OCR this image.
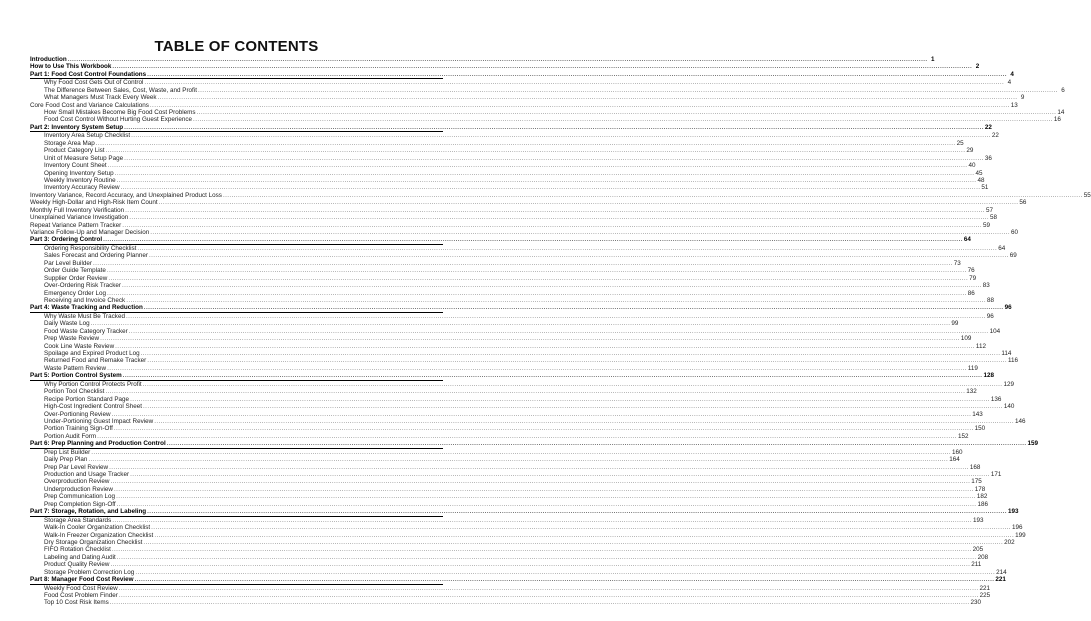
TABLE OF CONTENTS
Introduction ................................................................................................................................................................................................................................................................................................................................................................................................................ 1
How to Use This Workbook ................................................................................................................................................................................................................................................................................................................................................................................................................ 2
Part 1: Food Cost Control Foundations ................................................................................................................................................................................................................................................................................................................................................................................................................ 4
Why Food Cost Gets Out of Control ................................................................................................................................................................................................................................................................................................................................................................................................................ 4
The Difference Between Sales, Cost, Waste, and Profit ................................................................................................................................................................................................................................................................................................................................................................................................................ 6
What Managers Must Track Every Week ................................................................................................................................................................................................................................................................................................................................................................................................................ 9
Core Food Cost and Variance Calculations ................................................................................................................................................................................................................................................................................................................................................................................................................ 13
How Small Mistakes Become Big Food Cost Problems ................................................................................................................................................................................................................................................................................................................................................................................................................ 14
Food Cost Control Without Hurting Guest Experience ................................................................................................................................................................................................................................................................................................................................................................................................................ 16
Part 2: Inventory System Setup ................................................................................................................................................................................................................................................................................................................................................................................................................ 22
Inventory Area Setup Checklist ................................................................................................................................................................................................................................................................................................................................................................................................................ 22
Storage Area Map ................................................................................................................................................................................................................................................................................................................................................................................................................ 25
Product Category List ................................................................................................................................................................................................................................................................................................................................................................................................................ 29
Unit of Measure Setup Page ................................................................................................................................................................................................................................................................................................................................................................................................................ 36
Inventory Count Sheet ................................................................................................................................................................................................................................................................................................................................................................................................................ 40
Opening Inventory Setup ................................................................................................................................................................................................................................................................................................................................................................................................................ 45
Weekly Inventory Routine ................................................................................................................................................................................................................................................................................................................................................................................................................ 48
Inventory Accuracy Review ................................................................................................................................................................................................................................................................................................................................................................................................................ 51
Inventory Variance, Record Accuracy, and Unexplained Product Loss ................................................................................................................................................................................................................................................................................................................................................................................................................ 55
Weekly High-Dollar and High-Risk Item Count ................................................................................................................................................................................................................................................................................................................................................................................................................ 56
Monthly Full Inventory Verification ................................................................................................................................................................................................................................................................................................................................................................................................................ 57
Unexplained Variance Investigation ................................................................................................................................................................................................................................................................................................................................................................................................................ 58
Repeat Variance Pattern Tracker ................................................................................................................................................................................................................................................................................................................................................................................................................ 59
Variance Follow-Up and Manager Decision ................................................................................................................................................................................................................................................................................................................................................................................................................ 60
Part 3: Ordering Control ................................................................................................................................................................................................................................................................................................................................................................................................................ 64
Ordering Responsibility Checklist ................................................................................................................................................................................................................................................................................................................................................................................................................ 64
Sales Forecast and Ordering Planner ................................................................................................................................................................................................................................................................................................................................................................................................................ 69
Par Level Builder ................................................................................................................................................................................................................................................................................................................................................................................................................ 73
Order Guide Template ................................................................................................................................................................................................................................................................................................................................................................................................................ 76
Supplier Order Review ................................................................................................................................................................................................................................................................................................................................................................................................................ 79
Over-Ordering Risk Tracker ................................................................................................................................................................................................................................................................................................................................................................................................................ 83
Emergency Order Log ................................................................................................................................................................................................................................................................................................................................................................................................................ 86
Receiving and Invoice Check ................................................................................................................................................................................................................................................................................................................................................................................................................ 88
Part 4: Waste Tracking and Reduction ................................................................................................................................................................................................................................................................................................................................................................................................................ 96
Why Waste Must Be Tracked ................................................................................................................................................................................................................................................................................................................................................................................................................ 96
Daily Waste Log ................................................................................................................................................................................................................................................................................................................................................................................................................ 99
Food Waste Category Tracker ................................................................................................................................................................................................................................................................................................................................................................................................................ 104
Prep Waste Review ................................................................................................................................................................................................................................................................................................................................................................................................................ 109
Cook Line Waste Review ................................................................................................................................................................................................................................................................................................................................................................................................................ 112
Spoilage and Expired Product Log ................................................................................................................................................................................................................................................................................................................................................................................................................ 114
Returned Food and Remake Tracker ................................................................................................................................................................................................................................................................................................................................................................................................................ 116
Waste Pattern Review ................................................................................................................................................................................................................................................................................................................................................................................................................ 119
Part 5: Portion Control System ................................................................................................................................................................................................................................................................................................................................................................................................................ 128
Why Portion Control Protects Profit ................................................................................................................................................................................................................................................................................................................................................................................................................ 129
Portion Tool Checklist ................................................................................................................................................................................................................................................................................................................................................................................................................ 132
Recipe Portion Standard Page ................................................................................................................................................................................................................................................................................................................................................................................................................ 136
High-Cost Ingredient Control Sheet ................................................................................................................................................................................................................................................................................................................................................................................................................ 140
Over-Portioning Review ................................................................................................................................................................................................................................................................................................................................................................................................................ 143
Under-Portioning Guest Impact Review ................................................................................................................................................................................................................................................................................................................................................................................................................ 146
Portion Training Sign-Off ................................................................................................................................................................................................................................................................................................................................................................................................................ 150
Portion Audit Form ................................................................................................................................................................................................................................................................................................................................................................................................................ 152
Part 6: Prep Planning and Production Control ................................................................................................................................................................................................................................................................................................................................................................................................................ 159
Prep List Builder ................................................................................................................................................................................................................................................................................................................................................................................................................ 160
Daily Prep Plan ................................................................................................................................................................................................................................................................................................................................................................................................................ 164
Prep Par Level Review ................................................................................................................................................................................................................................................................................................................................................................................................................ 168
Production and Usage Tracker ................................................................................................................................................................................................................................................................................................................................................................................................................ 171
Overproduction Review ................................................................................................................................................................................................................................................................................................................................................................................................................ 175
Underproduction Review ................................................................................................................................................................................................................................................................................................................................................................................................................ 178
Prep Communication Log ................................................................................................................................................................................................................................................................................................................................................................................................................ 182
Prep Completion Sign-Off ................................................................................................................................................................................................................................................................................................................................................................................................................ 186
Part 7: Storage, Rotation, and Labeling ................................................................................................................................................................................................................................................................................................................................................................................................................ 193
Storage Area Standards ................................................................................................................................................................................................................................................................................................................................................................................................................ 193
Walk-In Cooler Organization Checklist ................................................................................................................................................................................................................................................................................................................................................................................................................ 196
Walk-In Freezer Organization Checklist ................................................................................................................................................................................................................................................................................................................................................................................................................ 199
Dry Storage Organization Checklist ................................................................................................................................................................................................................................................................................................................................................................................................................ 202
FIFO Rotation Checklist ................................................................................................................................................................................................................................................................................................................................................................................................................ 205
Labeling and Dating Audit ................................................................................................................................................................................................................................................................................................................................................................................................................ 208
Product Quality Review ................................................................................................................................................................................................................................................................................................................................................................................................................ 211
Storage Problem Correction Log ................................................................................................................................................................................................................................................................................................................................................................................................................ 214
Part 8: Manager Food Cost Review ................................................................................................................................................................................................................................................................................................................................................................................................................ 221
Weekly Food Cost Review ................................................................................................................................................................................................................................................................................................................................................................................................................ 221
Food Cost Problem Finder ................................................................................................................................................................................................................................................................................................................................................................................................................ 225
Top 10 Cost Risk Items ................................................................................................................................................................................................................................................................................................................................................................................................................ 230
